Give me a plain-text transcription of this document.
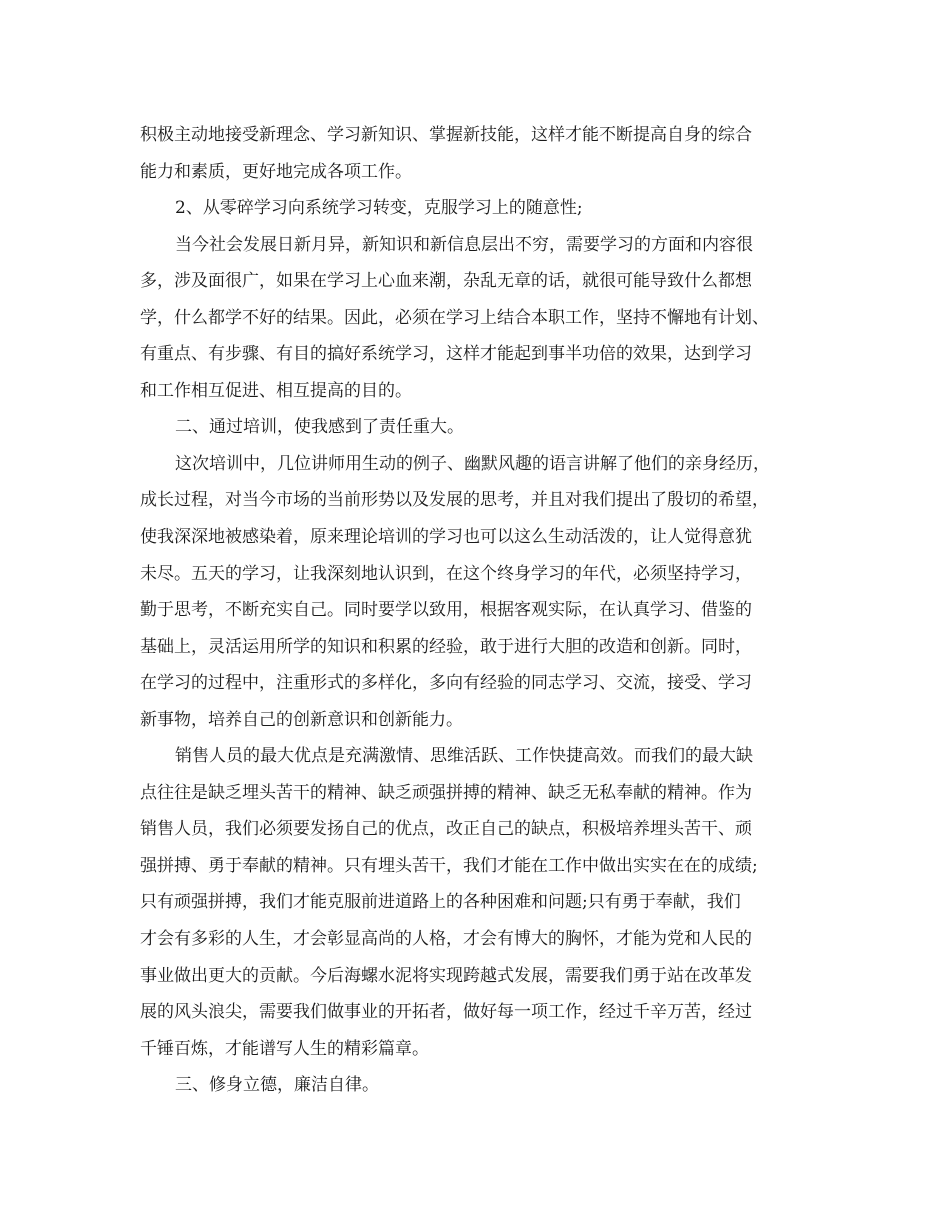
积极主动地接受新理念、学习新知识、掌握新技能，这样才能不断提高自身的综合
能力和素质，更好地完成各项工作。
2、从零碎学习向系统学习转变，克服学习上的随意性;
当今社会发展日新月异，新知识和新信息层出不穷，需要学习的方面和内容很
多，涉及面很广，如果在学习上心血来潮，杂乱无章的话，就很可能导致什么都想
学，什么都学不好的结果。因此，必须在学习上结合本职工作，坚持不懈地有计划、
有重点、有步骤、有目的搞好系统学习，这样才能起到事半功倍的效果，达到学习
和工作相互促进、相互提高的目的。
二、通过培训，使我感到了责任重大。
这次培训中，几位讲师用生动的例子、幽默风趣的语言讲解了他们的亲身经历，
成长过程，对当今市场的当前形势以及发展的思考，并且对我们提出了殷切的希望，
使我深深地被感染着，原来理论培训的学习也可以这么生动活泼的，让人觉得意犹
未尽。五天的学习，让我深刻地认识到，在这个终身学习的年代，必须坚持学习，
勤于思考，不断充实自己。同时要学以致用，根据客观实际，在认真学习、借鉴的
基础上，灵活运用所学的知识和积累的经验，敢于进行大胆的改造和创新。同时，
在学习的过程中，注重形式的多样化，多向有经验的同志学习、交流，接受、学习
新事物，培养自己的创新意识和创新能力。
销售人员的最大优点是充满激情、思维活跃、工作快捷高效。而我们的最大缺
点往往是缺乏埋头苦干的精神、缺乏顽强拼搏的精神、缺乏无私奉献的精神。作为
销售人员，我们必须要发扬自己的优点，改正自己的缺点，积极培养埋头苦干、顽
强拼搏、勇于奉献的精神。只有埋头苦干，我们才能在工作中做出实实在在的成绩;
只有顽强拼搏，我们才能克服前进道路上的各种困难和问题;只有勇于奉献，我们
才会有多彩的人生，才会彰显高尚的人格，才会有博大的胸怀，才能为党和人民的
事业做出更大的贡献。今后海螺水泥将实现跨越式发展，需要我们勇于站在改革发
展的风头浪尖，需要我们做事业的开拓者，做好每一项工作，经过千辛万苦，经过
千锤百炼，才能谱写人生的精彩篇章。
三、修身立德，廉洁自律。
